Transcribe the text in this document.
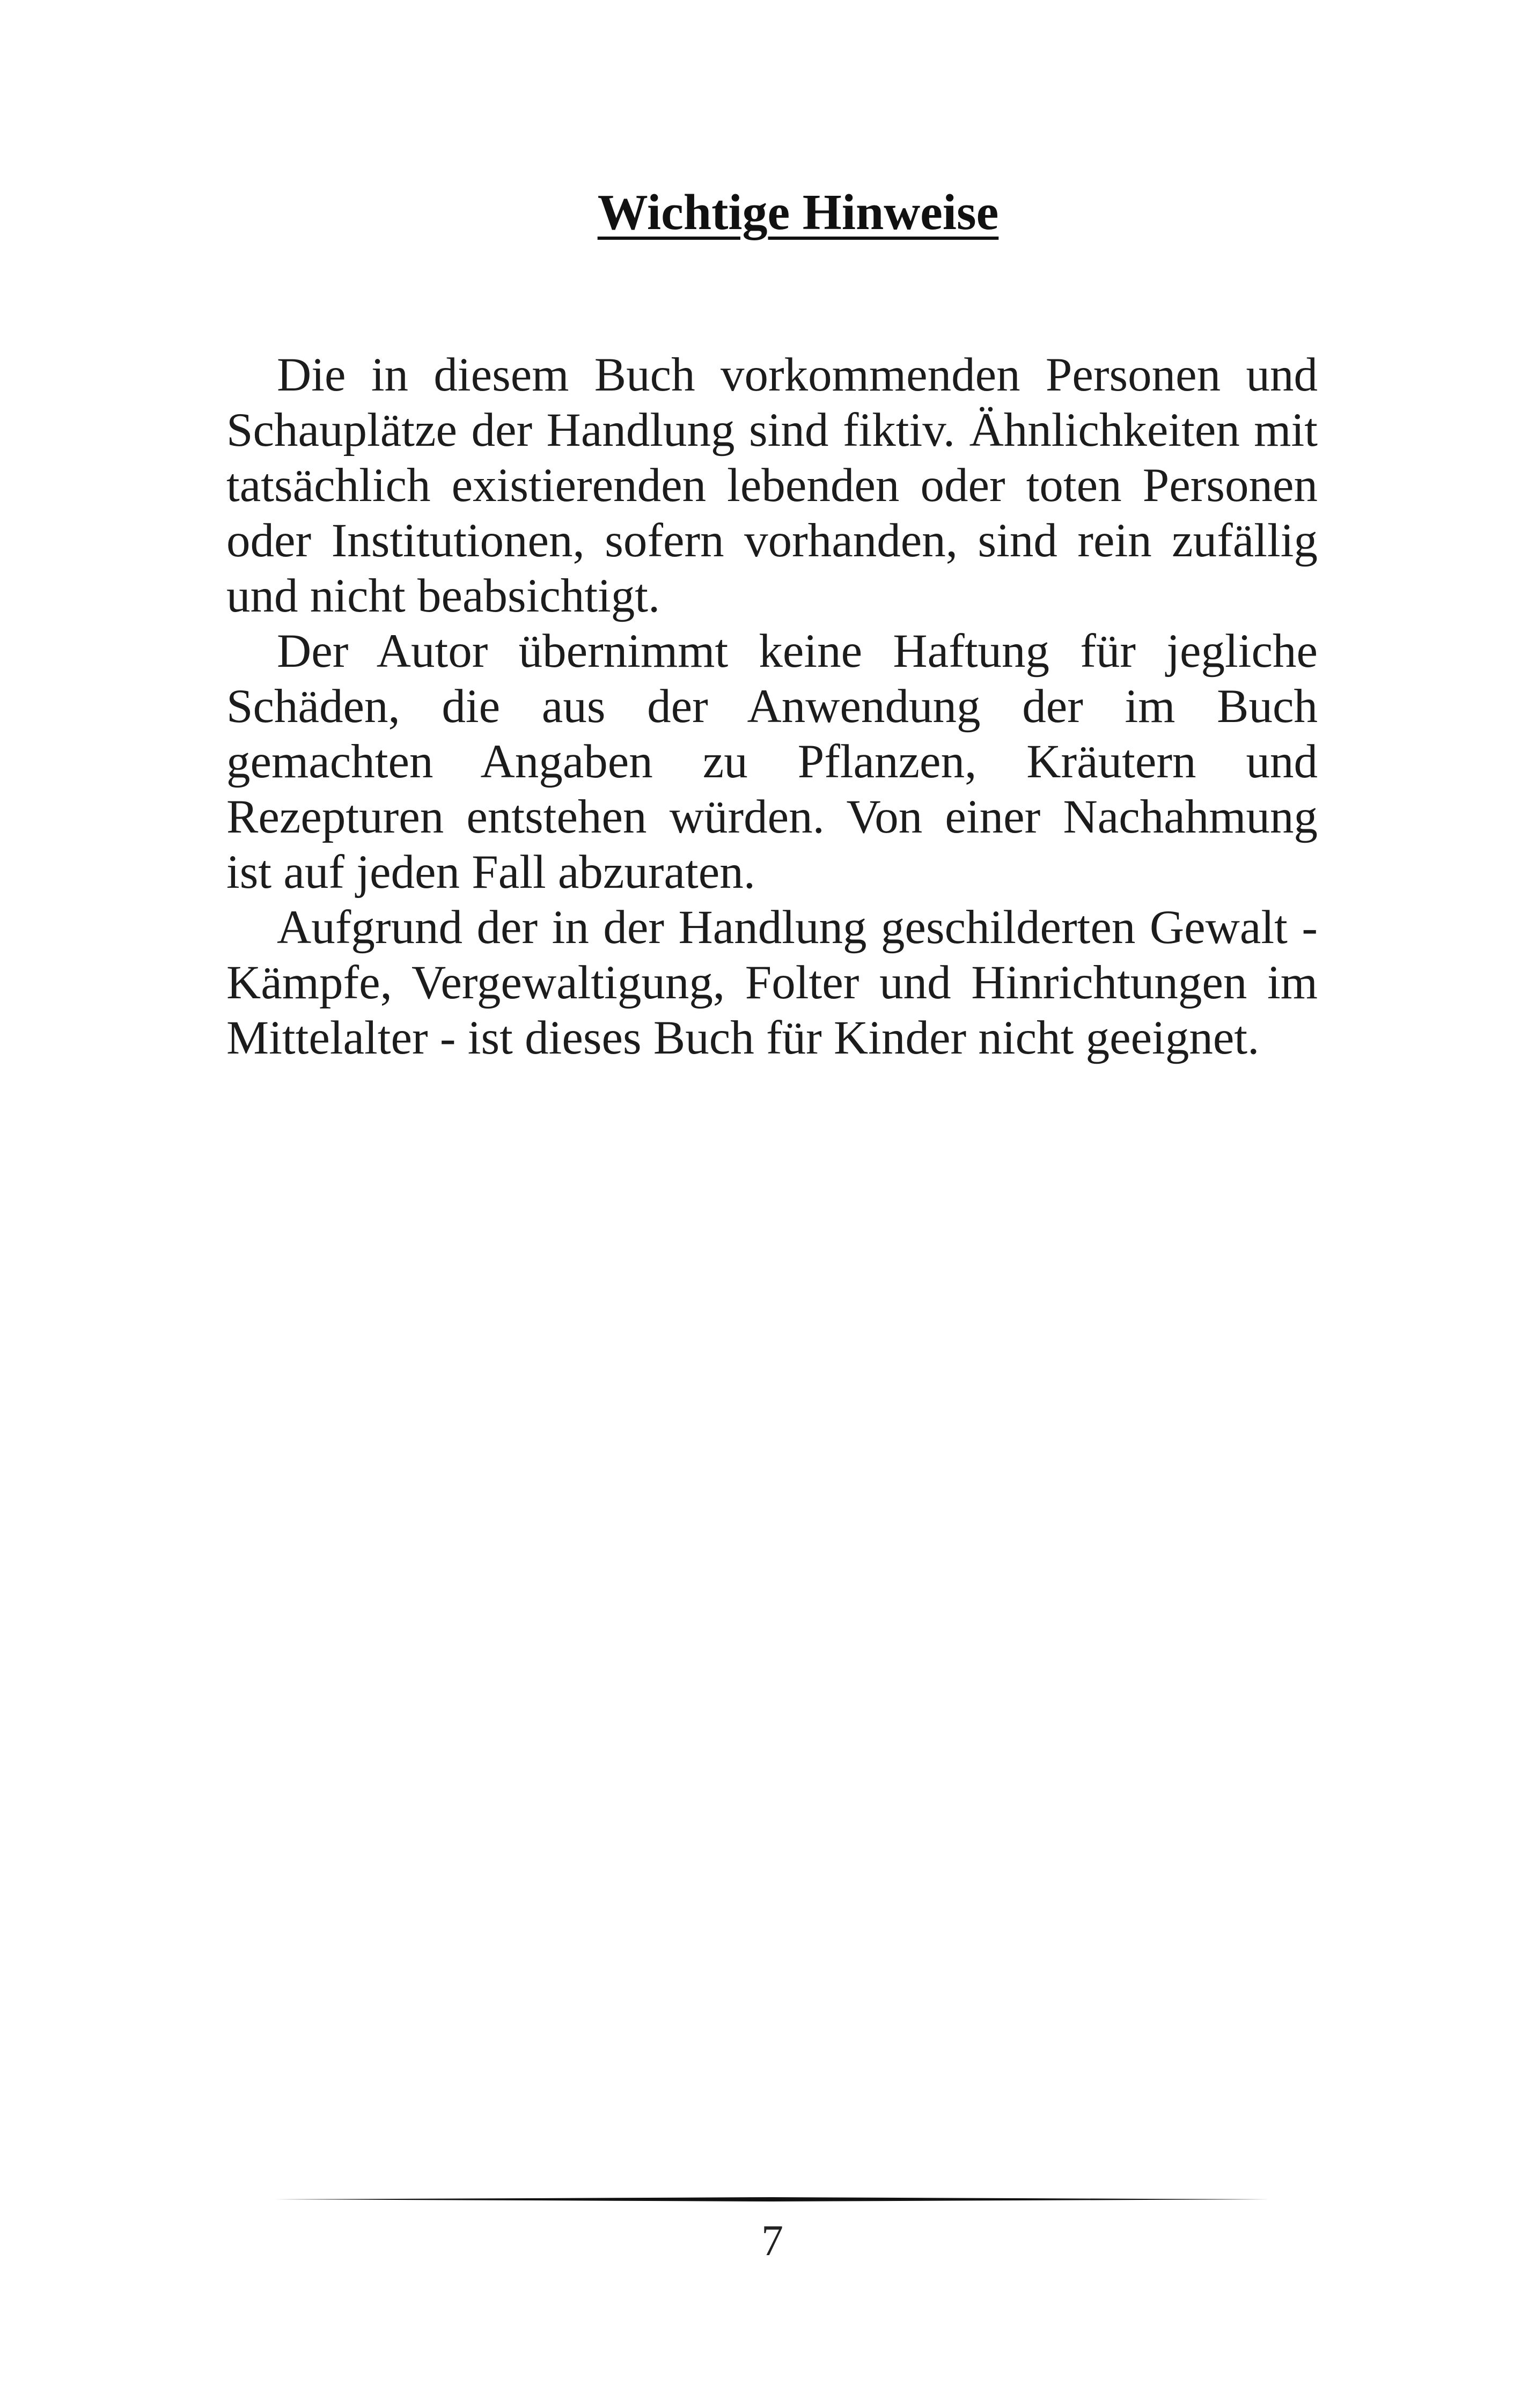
Wichtige Hinweise

Die in diesem Buch vorkommenden Personen und Schauplätze der Handlung sind fiktiv. Ähnlichkeiten mit tatsächlich existierenden lebenden oder toten Personen oder Institutionen, sofern vorhanden, sind rein zufällig und nicht beabsichtigt.

Der Autor übernimmt keine Haftung für jegliche Schäden, die aus der Anwendung der im Buch gemachten Angaben zu Pflanzen, Kräutern und Rezepturen entstehen würden. Von einer Nachahmung ist auf jeden Fall abzuraten.

Aufgrund der in der Handlung geschilderten Gewalt - Kämpfe, Vergewaltigung, Folter und Hinrichtungen im Mittelalter - ist dieses Buch für Kinder nicht geeignet.

7
